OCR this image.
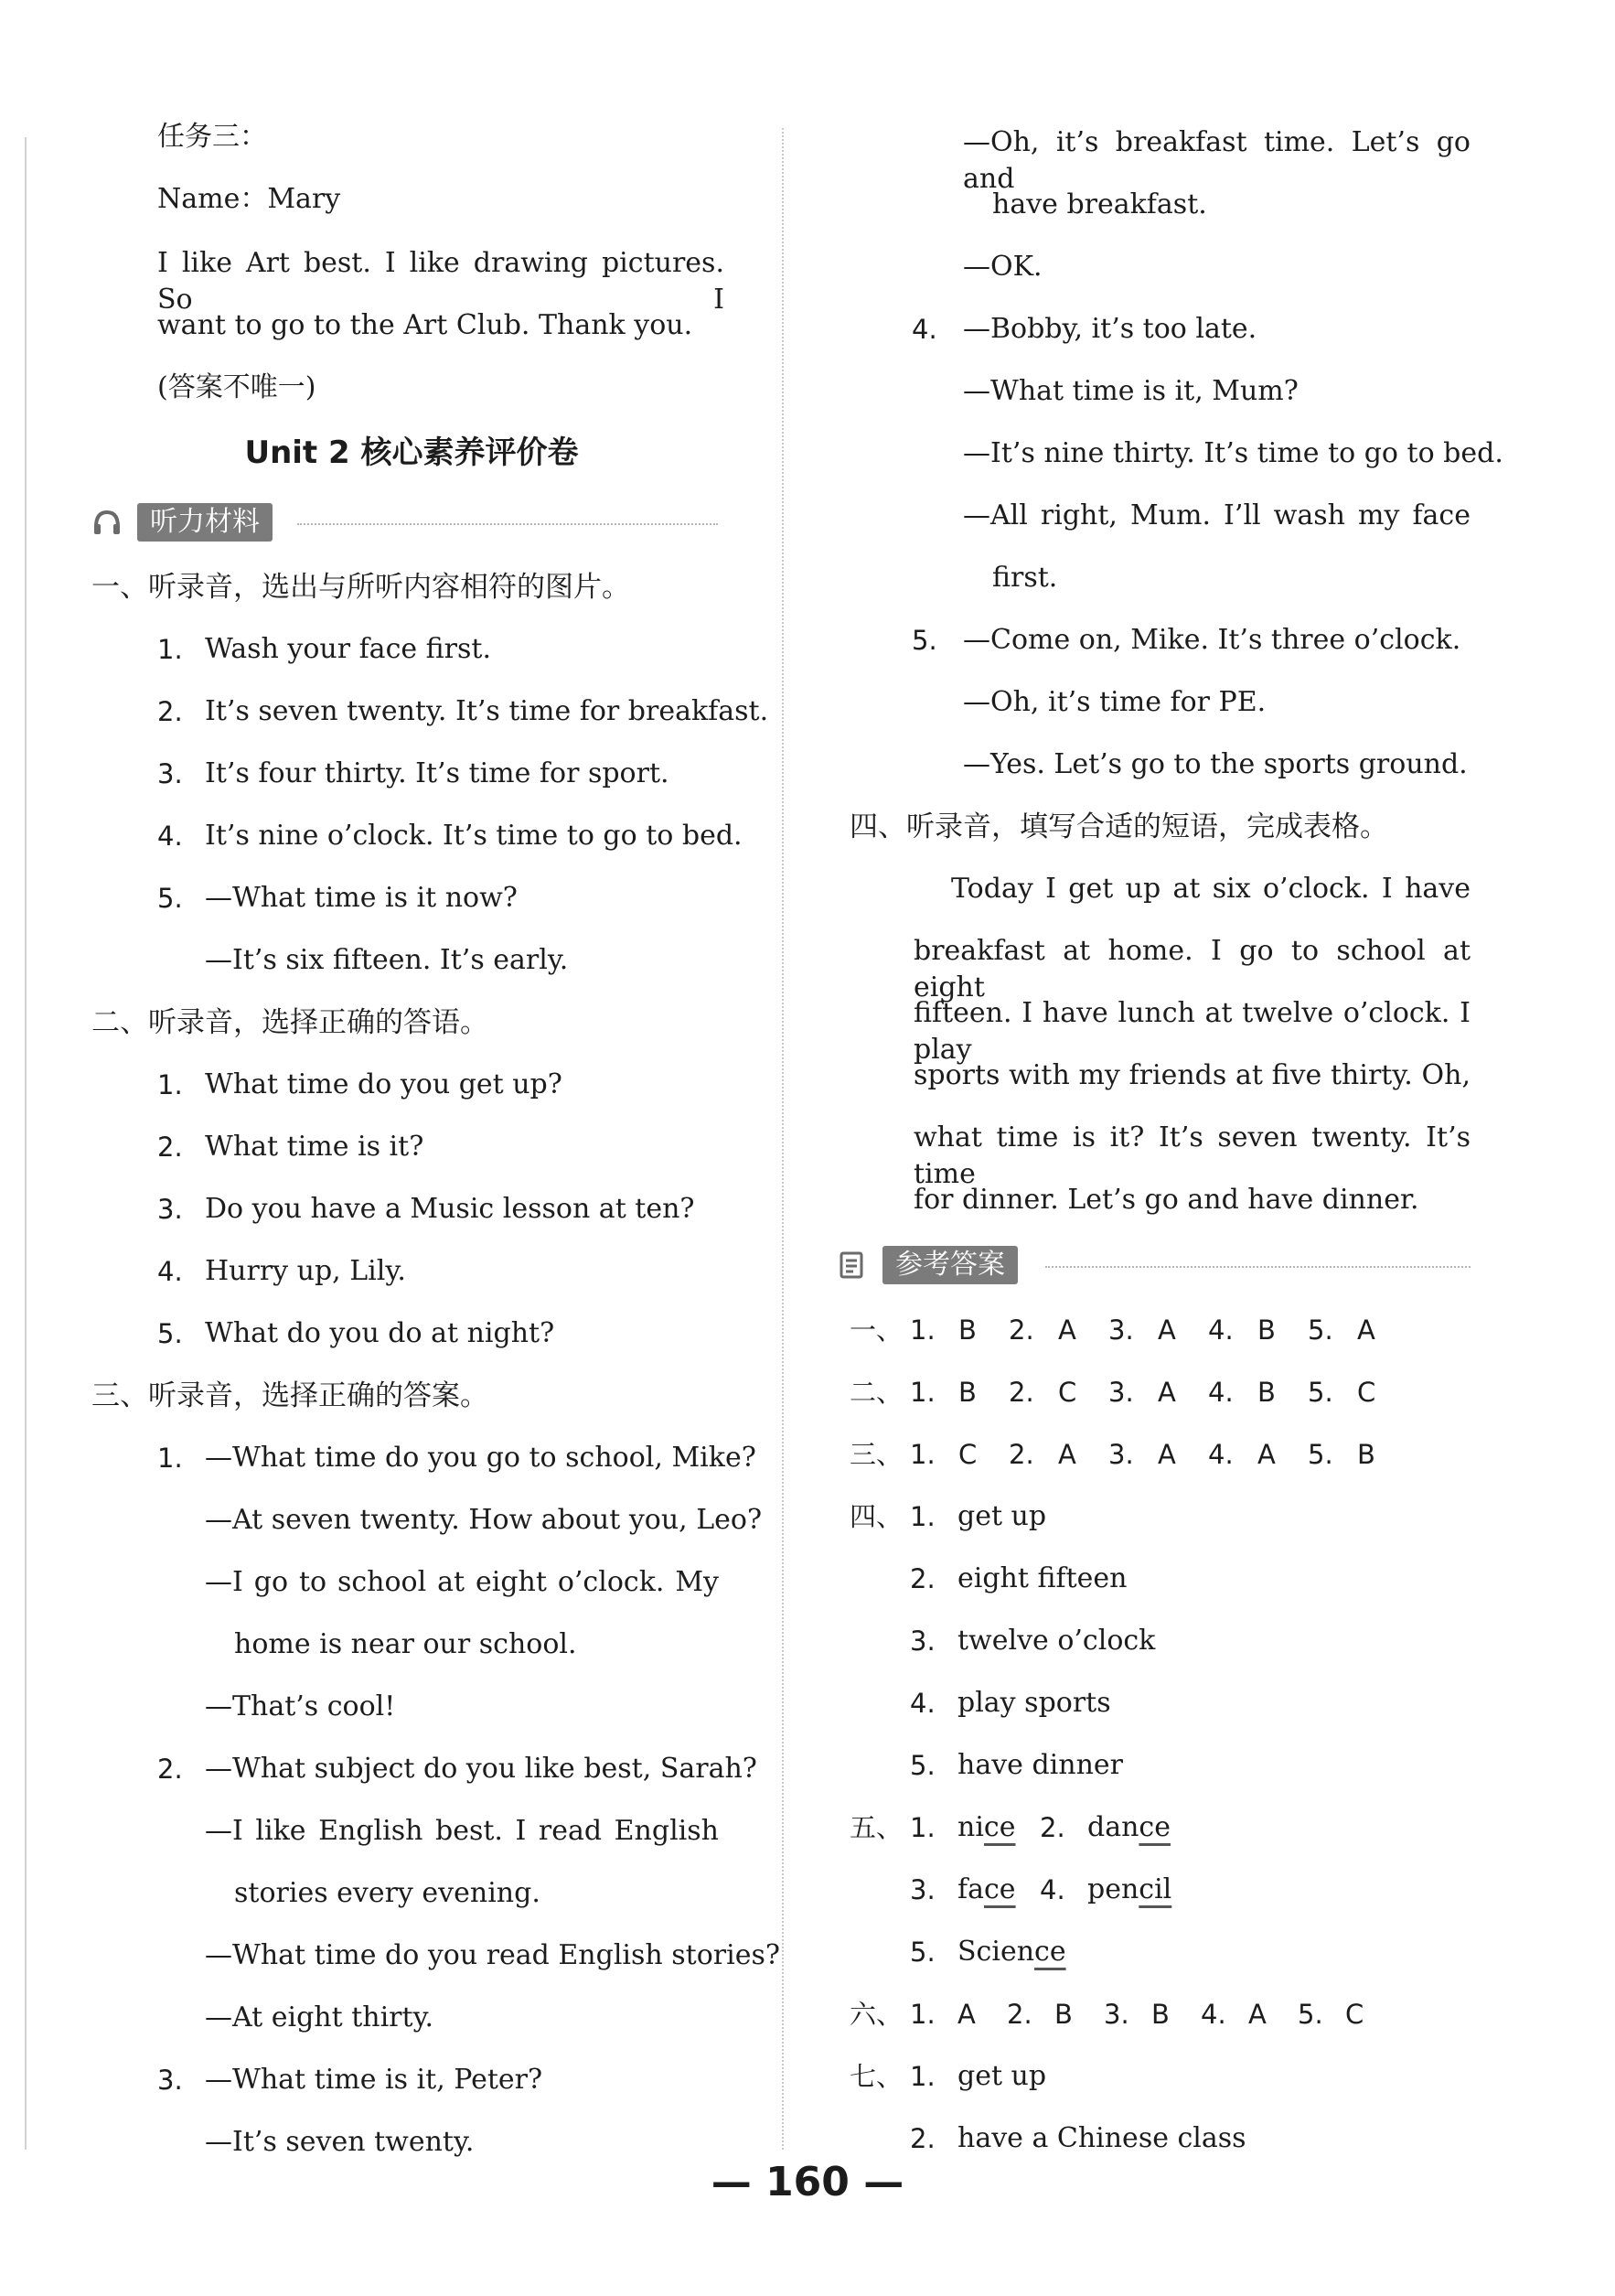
任务三：
Name：Mary
I like Art best. I like drawing pictures. So I
want to go to the Art Club. Thank you.
(答案不唯一)
Unit 2 核心素养评价卷
听力材料
一、听录音，选出与所听内容相符的图片。
1. Wash your face first.
2. It’s seven twenty. It’s time for breakfast.
3. It’s four thirty. It’s time for sport.
4. It’s nine o’clock. It’s time to go to bed.
5. —What time is it now?
—It’s six fifteen. It’s early.
二、听录音，选择正确的答语。
1. What time do you get up?
2. What time is it?
3. Do you have a Music lesson at ten?
4. Hurry up, Lily.
5. What do you do at night?
三、听录音，选择正确的答案。
1. —What time do you go to school, Mike?
—At seven twenty. How about you, Leo?
—I go to school at eight o’clock. My
home is near our school.
—That’s cool!
2. —What subject do you like best, Sarah?
—I like English best. I read English
stories every evening.
—What time do you read English stories?
—At eight thirty.
3. —What time is it, Peter?
—It’s seven twenty.
—Oh, it’s breakfast time. Let’s go and
have breakfast.
—OK.
4. —Bobby, it’s too late.
—What time is it, Mum?
—It’s nine thirty. It’s time to go to bed.
—All right, Mum. I’ll wash my face
first.
5. —Come on, Mike. It’s three o’clock.
—Oh, it’s time for PE.
—Yes. Let’s go to the sports ground.
四、听录音，填写合适的短语，完成表格。
Today I get up at six o’clock. I have
breakfast at home. I go to school at eight
fifteen. I have lunch at twelve o’clock. I play
sports with my friends at five thirty. Oh,
what time is it? It’s seven twenty. It’s time
for dinner. Let’s go and have dinner.
参考答案
一、 1. B 2. A 3. A 4. B 5. A
二、 1. B 2. C 3. A 4. B 5. C
三、 1. C 2. A 3. A 4. A 5. B
四、 1. get up
2. eight fifteen
3. twelve o’clock
4. play sports
5. have dinner
五、 1. nice 2. dance
3. face 4. pencil
5. Science
六、 1. A 2. B 3. B 4. A 5. C
七、 1. get up
2. have a Chinese class
— 160 —
